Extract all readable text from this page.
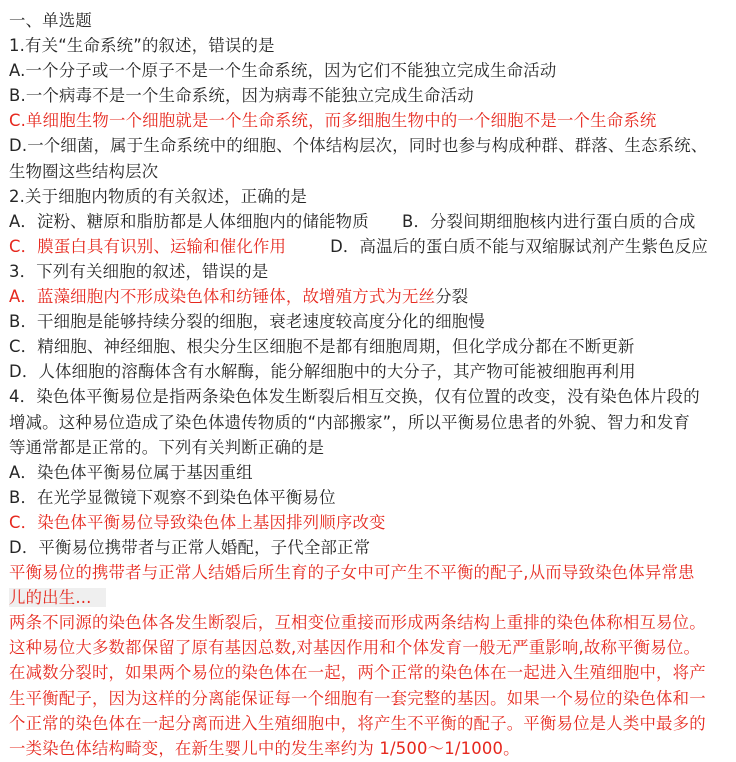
一、单选题
1.有关“生命系统”的叙述，错误的是
A.一个分子或一个原子不是一个生命系统，因为它们不能独立完成生命活动
B.一个病毒不是一个生命系统，因为病毒不能独立完成生命活动
C.单细胞生物一个细胞就是一个生命系统，而多细胞生物中的一个细胞不是一个生命系统
D.一个细菌，属于生命系统中的细胞、个体结构层次，同时也参与构成种群、群落、生态系统、
生物圈这些结构层次
2.关于细胞内物质的有关叙述，正确的是
A．淀粉、糖原和脂肪都是人体细胞内的储能物质　　B．分裂间期细胞核内进行蛋白质的合成
C．膜蛋白具有识别、运输和催化作用　　  D．高温后的蛋白质不能与双缩脲试剂产生紫色反应
3．下列有关细胞的叙述，错误的是
A．蓝藻细胞内不形成染色体和纺锤体，故增殖方式为无丝分裂
B．干细胞是能够持续分裂的细胞，衰老速度较高度分化的细胞慢
C．精细胞、神经细胞、根尖分生区细胞不是都有细胞周期，但化学成分都在不断更新
D．人体细胞的溶酶体含有水解酶，能分解细胞中的大分子，其产物可能被细胞再利用
4．染色体平衡易位是指两条染色体发生断裂后相互交换，仅有位置的改变，没有染色体片段的
增减。这种易位造成了染色体遗传物质的“内部搬家”，所以平衡易位患者的外貌、智力和发育
等通常都是正常的。下列有关判断正确的是
A．染色体平衡易位属于基因重组
B．在光学显微镜下观察不到染色体平衡易位
C．染色体平衡易位导致染色体上基因排列顺序改变
D．平衡易位携带者与正常人婚配，子代全部正常
平衡易位的携带者与正常人结婚后所生育的子女中可产生不平衡的配子,从而导致染色体异常患
儿的出生...
两条不同源的染色体各发生断裂后，互相变位重接而形成两条结构上重排的染色体称相互易位。
这种易位大多数都保留了原有基因总数,对基因作用和个体发育一般无严重影响,故称平衡易位。
在减数分裂时，如果两个易位的染色体在一起，两个正常的染色体在一起进入生殖细胞中，将产
生平衡配子，因为这样的分离能保证每一个细胞有一套完整的基因。如果一个易位的染色体和一
个正常的染色体在一起分离而进入生殖细胞中，将产生不平衡的配子。平衡易位是人类中最多的
一类染色体结构畸变，在新生婴儿中的发生率约为 1/500～1/1000。
